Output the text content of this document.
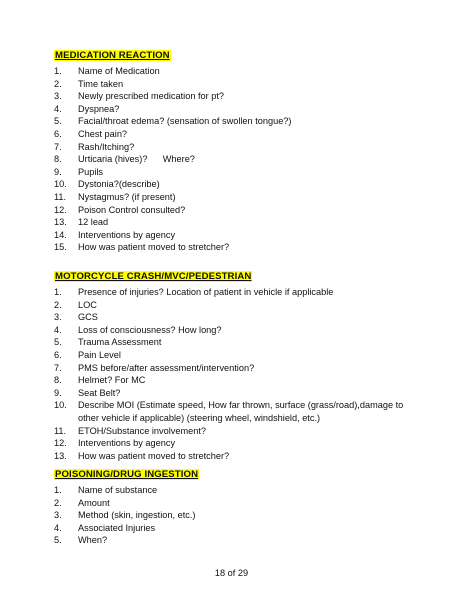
MEDICATION REACTION
1.	Name of Medication
2.	Time taken
3.	Newly prescribed medication for pt?
4.	Dyspnea?
5.	Facial/throat edema? (sensation of swollen tongue?)
6.	Chest pain?
7.	Rash/Itching?
8.	Urticaria (hives)?      Where?
9.	Pupils
10.	Dystonia?(describe)
11.	Nystagmus? (if present)
12.	Poison Control consulted?
13.	12 lead
14.	Interventions by agency
15.	How was patient moved to stretcher?
MOTORCYCLE CRASH/MVC/PEDESTRIAN
1.	Presence of injuries? Location of patient in vehicle if applicable
2.	LOC
3.	GCS
4.	Loss of consciousness? How long?
5.	Trauma Assessment
6.	Pain Level
7.	PMS before/after assessment/intervention?
8.	Helmet? For MC
9.	Seat Belt?
10.	Describe MOI (Estimate speed, How far thrown, surface (grass/road),damage to other vehicle if applicable) (steering wheel, windshield, etc.)
11.	ETOH/Substance involvement?
12.	Interventions by agency
13.	How was patient moved to stretcher?
POISONING/DRUG INGESTION
1.	Name of substance
2.	Amount
3.	Method (skin, ingestion, etc.)
4.	Associated Injuries
5.	When?
18 of 29
